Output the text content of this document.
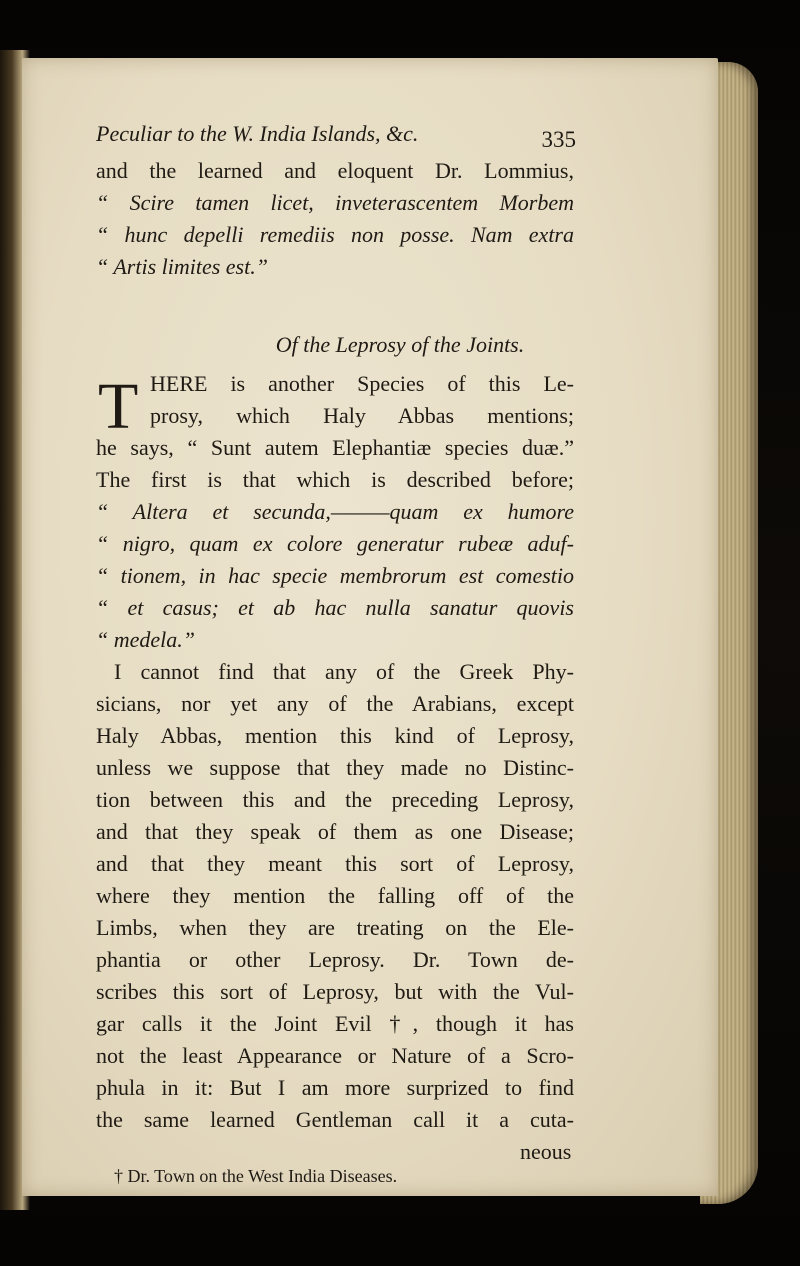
Peculiar to the W. India Islands, &c.	335
and the learned and eloquent Dr. Lommius,
“ Scire tamen licet, inveterascentem Morbem
“ hunc depelli remediis non posse. Nam extra
“ Artis limites est.”
Of the Leprosy of the Joints.
T HERE is another Species of this Le-
prosy, which Haly Abbas mentions;
he says, “ Sunt autem Elephantiæ species duæ.”
The first is that which is described before;
“ Altera et secunda,———quam ex humore
“ nigro, quam ex colore generatur rubeæ aduf-
“ tionem, in hac specie membrorum est comestio
“ et casus; et ab hac nulla sanatur quovis
“ medela.”
I cannot find that any of the Greek Phy-
sicians, nor yet any of the Arabians, except
Haly Abbas, mention this kind of Leprosy,
unless we suppose that they made no Distinc-
tion between this and the preceding Leprosy,
and that they speak of them as one Disease;
and that they meant this sort of Leprosy,
where they mention the falling off of the
Limbs, when they are treating on the Ele-
phantia or other Leprosy. Dr. Town de-
scribes this sort of Leprosy, but with the Vul-
gar calls it the Joint Evil †, though it has
not the least Appearance or Nature of a Scro-
phula in it: But I am more surprized to find
the same learned Gentleman call it a cuta-
neous
† Dr. Town on the West India Diseases.
